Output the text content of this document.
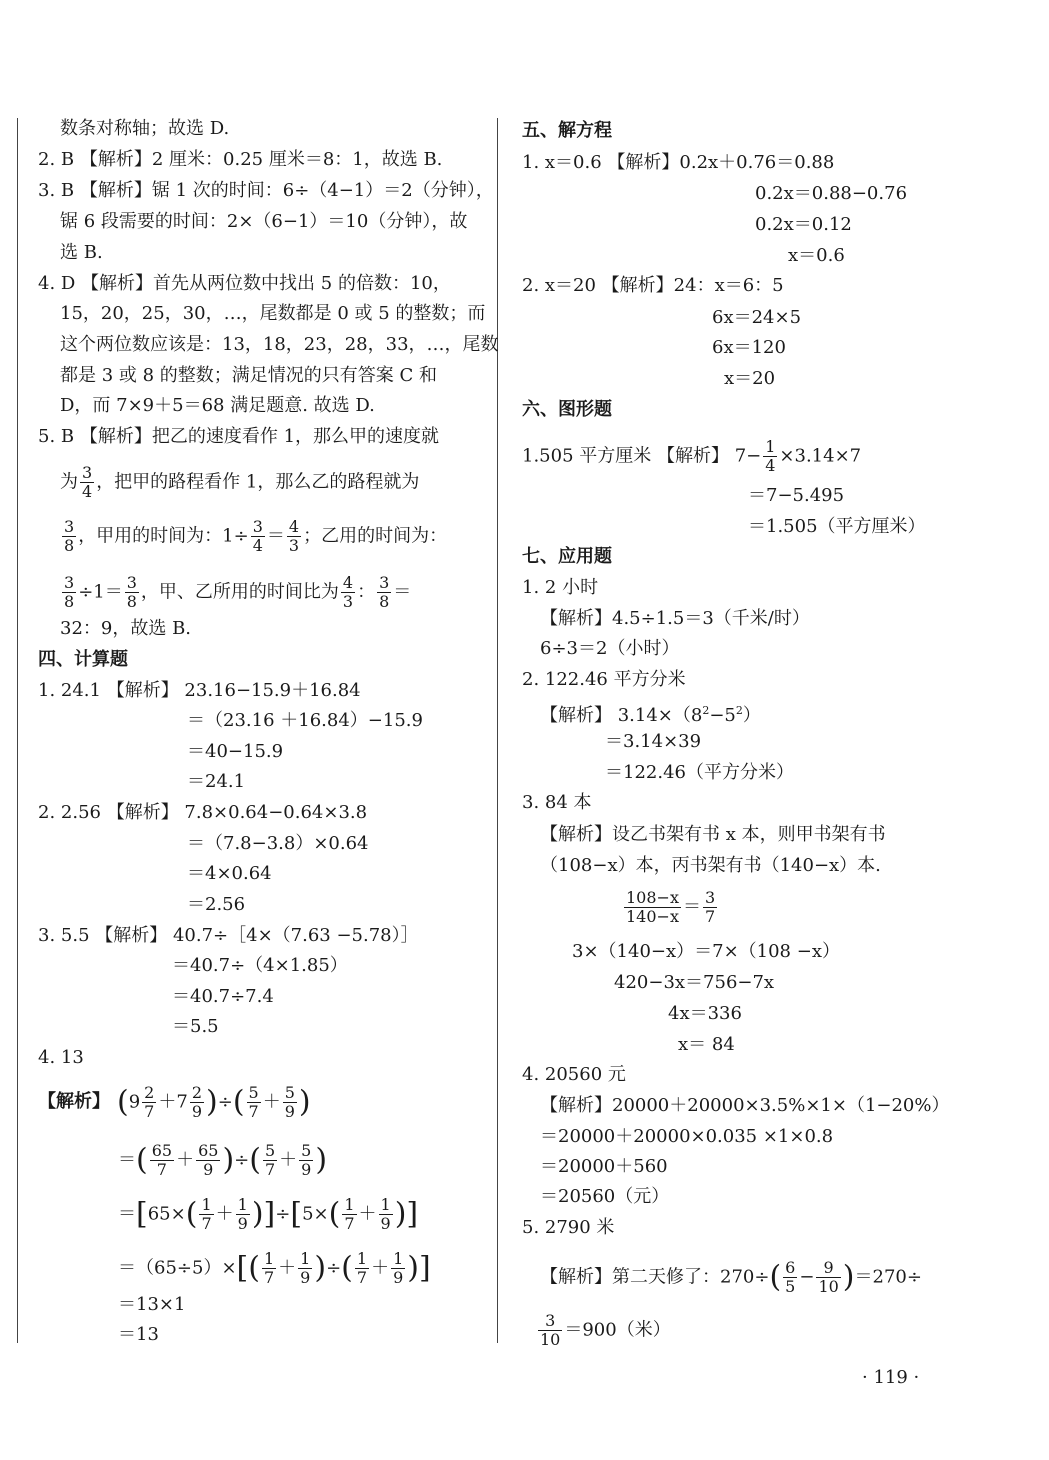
数条对称轴；故选 D.
2. B 【解析】2 厘米：0.25 厘米＝8：1，故选 B.
3. B 【解析】锯 1 次的时间：6÷（4−1）＝2（分钟），
锯 6 段需要的时间：2×（6−1）＝10（分钟），故
选 B.
4. D 【解析】首先从两位数中找出 5 的倍数：10，
15，20，25，30，…，尾数都是 0 或 5 的整数；而
这个两位数应该是：13，18，23，28，33，…，尾数
都是 3 或 8 的整数；满足情况的只有答案 C 和
D，而 7×9＋5＝68 满足题意. 故选 D.
5. B 【解析】把乙的速度看作 1，那么甲的速度就
为 $\frac{3}{4}$ ，把甲的路程看作 1，那么乙的路程就为
$\frac{3}{8}$ ，甲用的时间为：$1\div \frac{3}{4} = \frac{4}{3}$ ；乙用的时间为：
$\frac{3}{8} \div 1= \frac{3}{8}$ ，甲、乙所用的时间比为 $\frac{4}{3}$ ： $\frac{3}{8}$ ＝
32：9，故选 B.
四、计算题
1. 24.1 【解析】 23.16−15.9＋16.84
＝（23.16 ＋16.84）−15.9
＝40−15.9
＝24.1
2. 2.56 【解析】 7.8×0.64−0.64×3.8
＝（7.8−3.8）×0.64
＝4×0.64
＝2.56
3. 5.5 【解析】 40.7÷［4×（7.63 −5.78）］
＝40.7÷（4×1.85）
＝40.7÷7.4
＝5.5
4. 13
【解析】 ($9 \frac{2}{7} +7 \frac{2}{9}$ )÷( $\frac{5}{7} + \frac{5}{9}$ )
＝( $\frac{65}{7} + \frac{65}{9}$ )÷( $\frac{5}{7} + \frac{5}{9}$ )
$=[65\times( \frac{1}{7} + \frac{1}{9} )]\div[5\times( \frac{1}{7} + \frac{1}{9}$ )]
$=(65\div 5)\times[( \frac{1}{7} + \frac{1}{9}$ )÷( $\frac{1}{7} + \frac{1}{9}$ )]
＝13×1
＝13
五、解方程
1. x＝0.6 【解析】0.2x＋0.76＝0.88
0.2x＝0.88−0.76
0.2x＝0.12
x＝0.6
2. x＝20 【解析】24：x＝6：5
6x＝24×5
6x＝120
x＝20
六、图形题
1.505 平方厘米 【解析】 $7- \frac{1}{4} \times 3.14\times 7$
＝7−5.495
＝1.505（平方厘米）
七、应用题
1. 2 小时
【解析】4.5÷1.5＝3（千米/时）
6÷3＝2（小时）
2. 122.46 平方分米
【解析】 $3.14\times(8^2-5^2)$
＝3.14×39
＝122.46（平方分米）
3. 84 本
【解析】设乙书架有书 x 本，则甲书架有书
（108−x）本，丙书架有书（140−x）本.
$\frac{108-x}{140-x} = \frac{3}{7}$
3×（140−x）＝7×（108 −x）
420−3x＝756−7x
4x＝336
x＝ 84
4. 20560 元
【解析】20000＋20000×3.5%×1×（1−20%）
＝20000＋20000×0.035 ×1×0.8
＝20000＋560
＝20560（元）
5. 2790 米
【解析】第二天修了：$270\div( \frac{6}{5} - \frac{9}{10} )=270\div$
$\frac{3}{10} =900$（米）
· 119 ·
